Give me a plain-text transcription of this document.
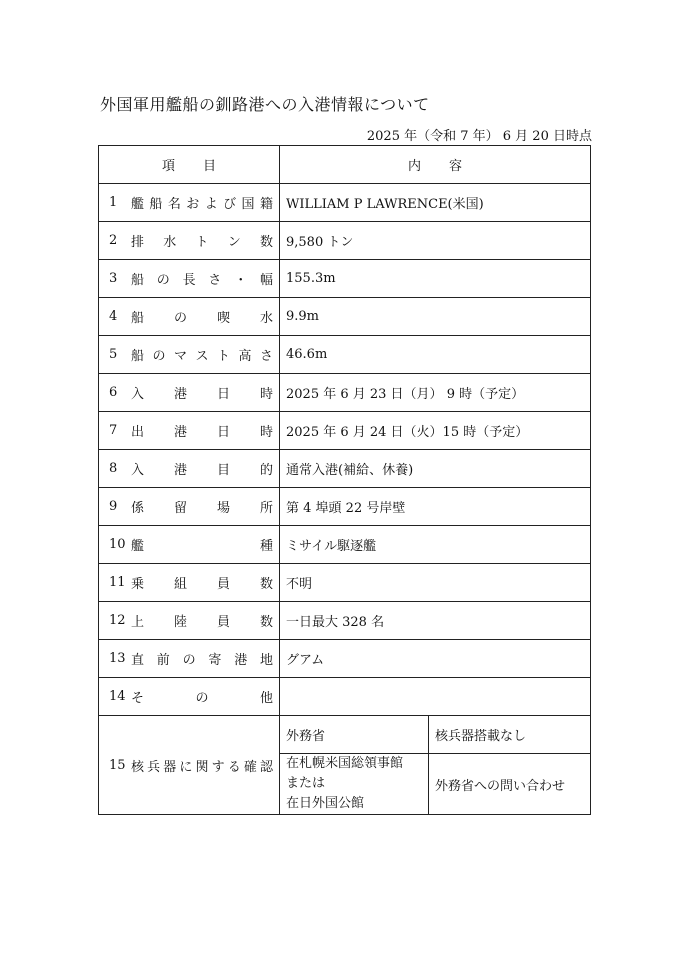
外国軍用艦船の釧路港への入港情報について
2025 年（令和 7 年） 6 月 20 日時点
項 目	内 容	

1 艦船名および国籍	WILLIAM P LAWRENCE(米国)	

2 排水トン数	9,580 トン	

3 船の長さ・幅	155.3m	

4 船の喫水	9.9m	

5 船のマスト高さ	46.6m	

6 入港日時	2025 年 6 月 23 日（月） 9 時（予定）	

7 出港日時	2025 年 6 月 24 日（火）15 時（予定）	

8 入港目的	通常入港(補給、休養)	

9 係留場所	第 4 埠頭 22 号岸壁	

10 艦種	ミサイル駆逐艦	

11 乗組員数	不明	

12 上陸員数	一日最大 328 名	

13 直前の寄港地	グアム	

14 その他		

15 核兵器に関する確認	外務省	核兵器搭載なし

	在札幌米国総領事館
または
在日外国公館	外務省への問い合わせ
